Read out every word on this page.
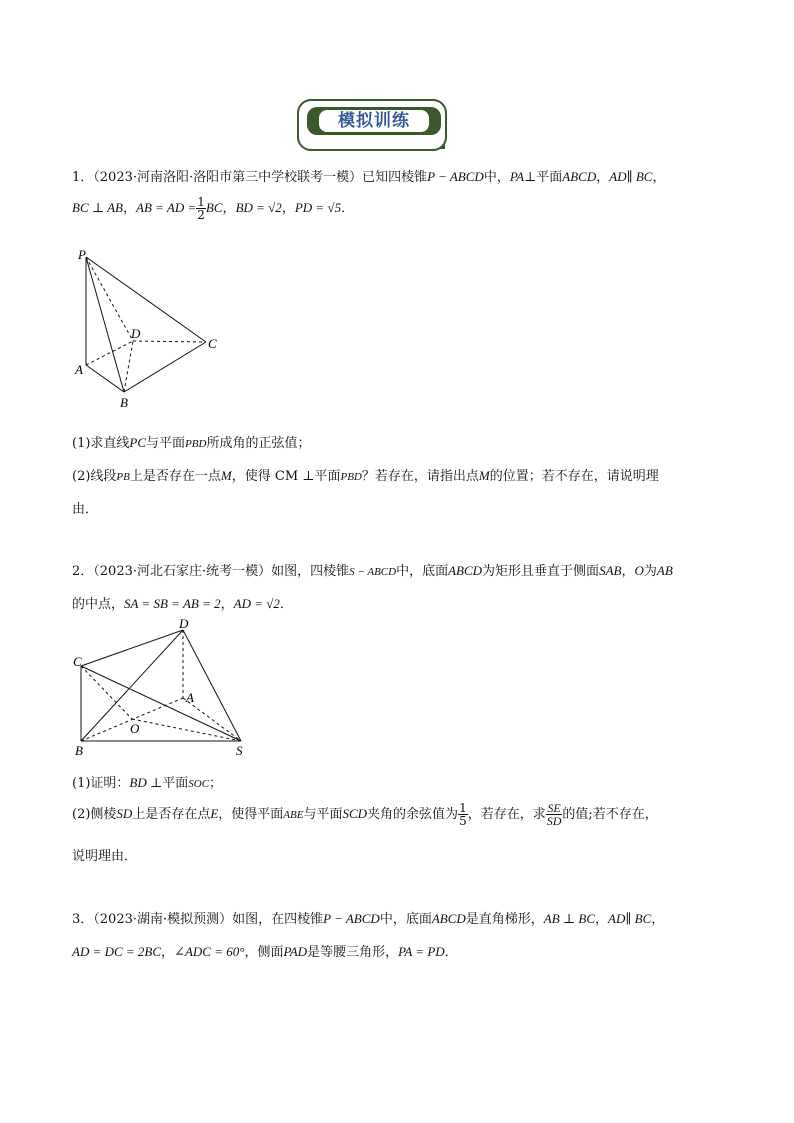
模拟训练
1．（2023·河南洛阳·洛阳市第三中学校联考一模）已知四棱锥P − ABCD中，PA⊥平面ABCD，AD∥ BC，
BC ⊥ AB，AB = AD = $\frac{1}{2}$ BC，BD = √2，PD = √5．
P
D
C
A
B
(1)求直线PC与平面PBD所成角的正弦值；
(2)线段PB上是否存在一点M，使得 CM ⊥平面PBD？若存在，请指出点M的位置；若不存在，请说明理
由．
2．（2023·河北石家庄·统考一模）如图，四棱锥S − ABCD中，底面ABCD为矩形且垂直于侧面SAB，O为AB
的中点，SA = SB = AB = 2，AD = √2．
D
C
A
O
B	S
(1)证明：BD ⊥平面SOC；
(2)侧棱SD上是否存在点E，使得平面ABE与平面SCD夹角的余弦值为 $\frac{1}{5}$ ，若存在，求 $\frac{SE}{SD}$ 的值;若不存在，
说明理由．
3．（2023·湖南·模拟预测）如图，在四棱锥P − ABCD中，底面ABCD是直角梯形，AB ⊥ BC，AD∥ BC，
AD = DC = 2BC，∠ADC = 60°，侧面PAD是等腰三角形，PA = PD．
